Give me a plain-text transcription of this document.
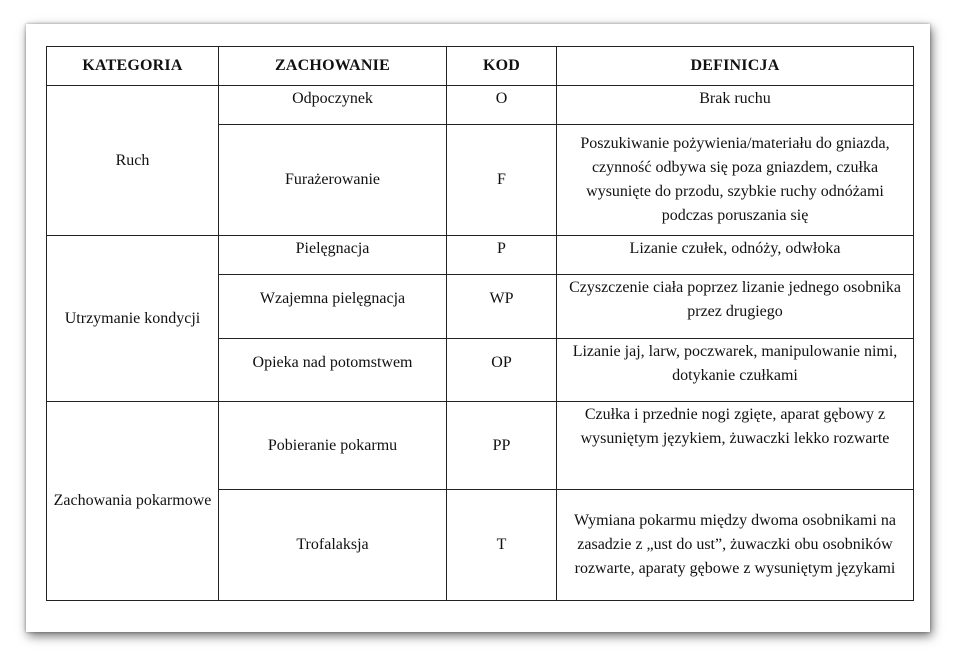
KATEGORIA	ZACHOWANIE	KOD	DEFINICJA
Ruch	Odpoczynek	O	Brak ruchu
	Furażerowanie	F	Poszukiwanie pożywienia/materiału do gniazda, czynność odbywa się poza gniazdem, czułka wysunięte do przodu, szybkie ruchy odnóżami podczas poruszania się
Utrzymanie kondycji	Pielęgnacja	P	Lizanie czułek, odnóży, odwłoka
	Wzajemna pielęgnacja	WP	Czyszczenie ciała poprzez lizanie jednego osobnika przez drugiego
	Opieka nad potomstwem	OP	Lizanie jaj, larw, poczwarek, manipulowanie nimi, dotykanie czułkami
Zachowania pokarmowe	Pobieranie pokarmu	PP	Czułka i przednie nogi zgięte, aparat gębowy z wysuniętym językiem, żuwaczki lekko rozwarte
	Trofalaksja	T	Wymiana pokarmu między dwoma osobnikami na zasadzie z „ust do ust”, żuwaczki obu osobników rozwarte, aparaty gębowe z wysuniętym językami
